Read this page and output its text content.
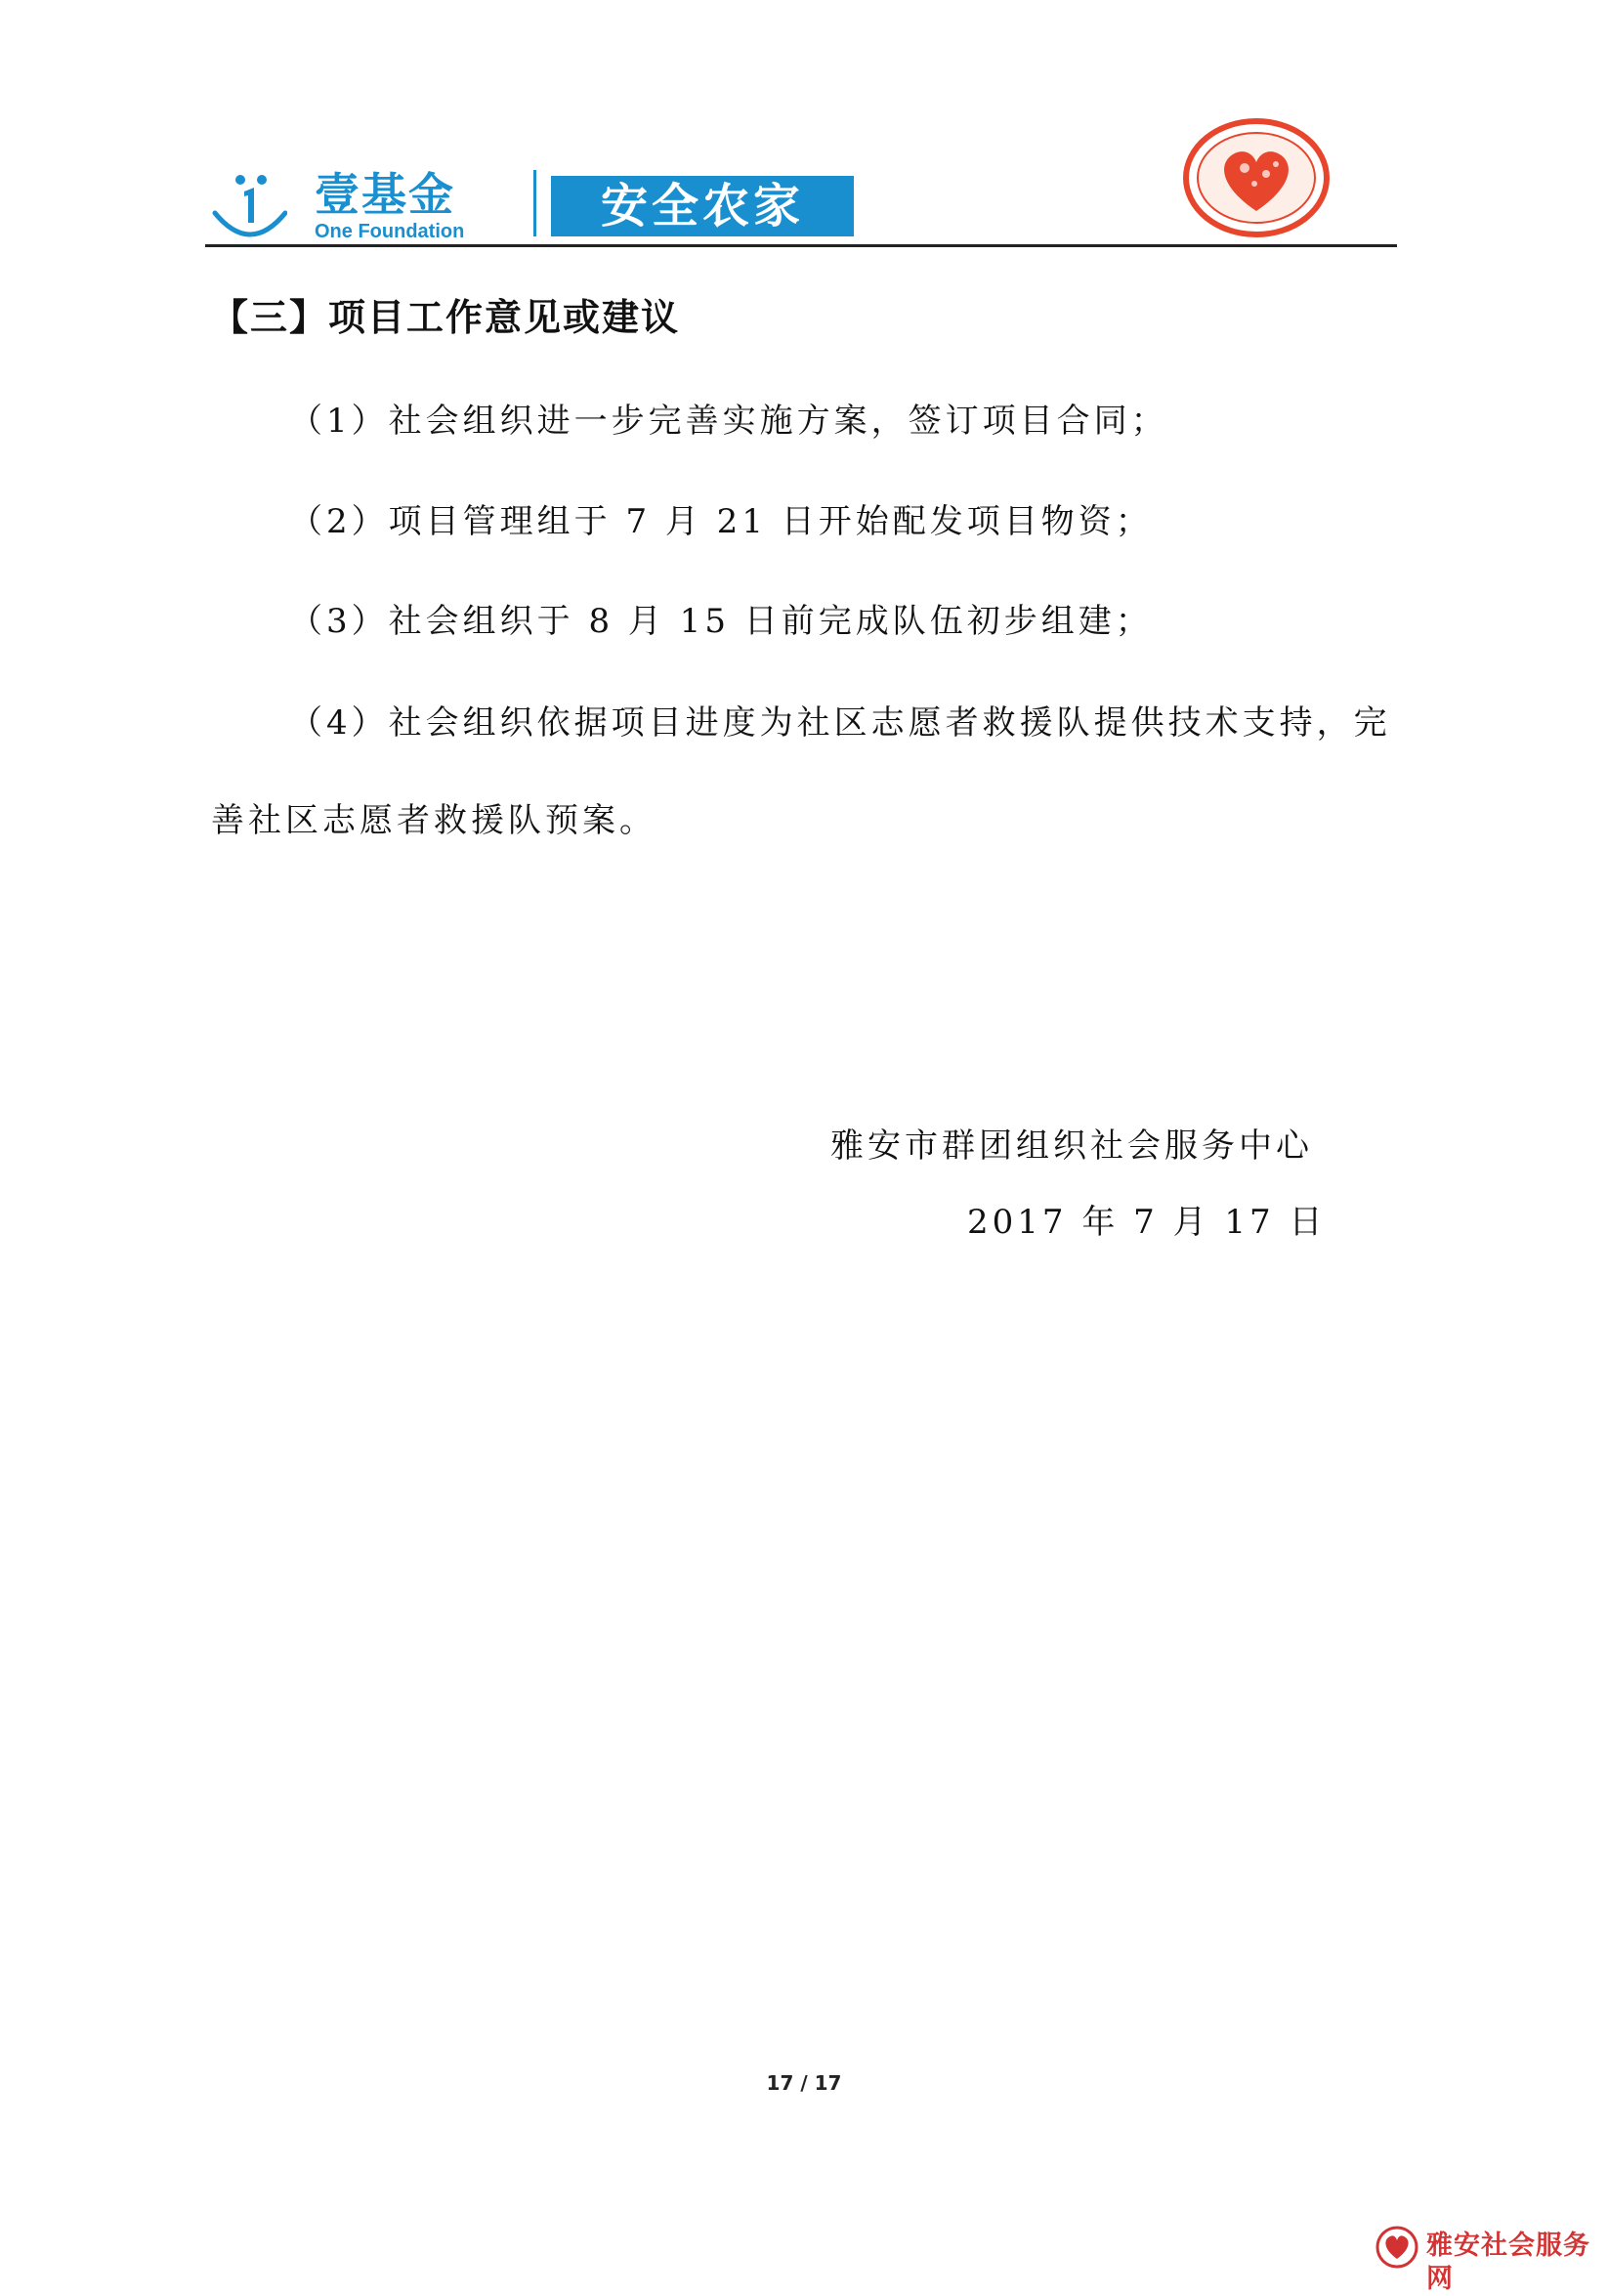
壹基金
One Foundation	安全农家
【三】项目工作意见或建议

（1）社会组织进一步完善实施方案，签订项目合同；

（2）项目管理组于 7 月 21 日开始配发项目物资；

（3）社会组织于 8 月 15 日前完成队伍初步组建；

（4）社会组织依据项目进度为社区志愿者救援队提供技术支持，完善社区志愿者救援队预案。

雅安市群团组织社会服务中心
2017 年 7 月 17 日
17 / 17
雅安社会服务网
